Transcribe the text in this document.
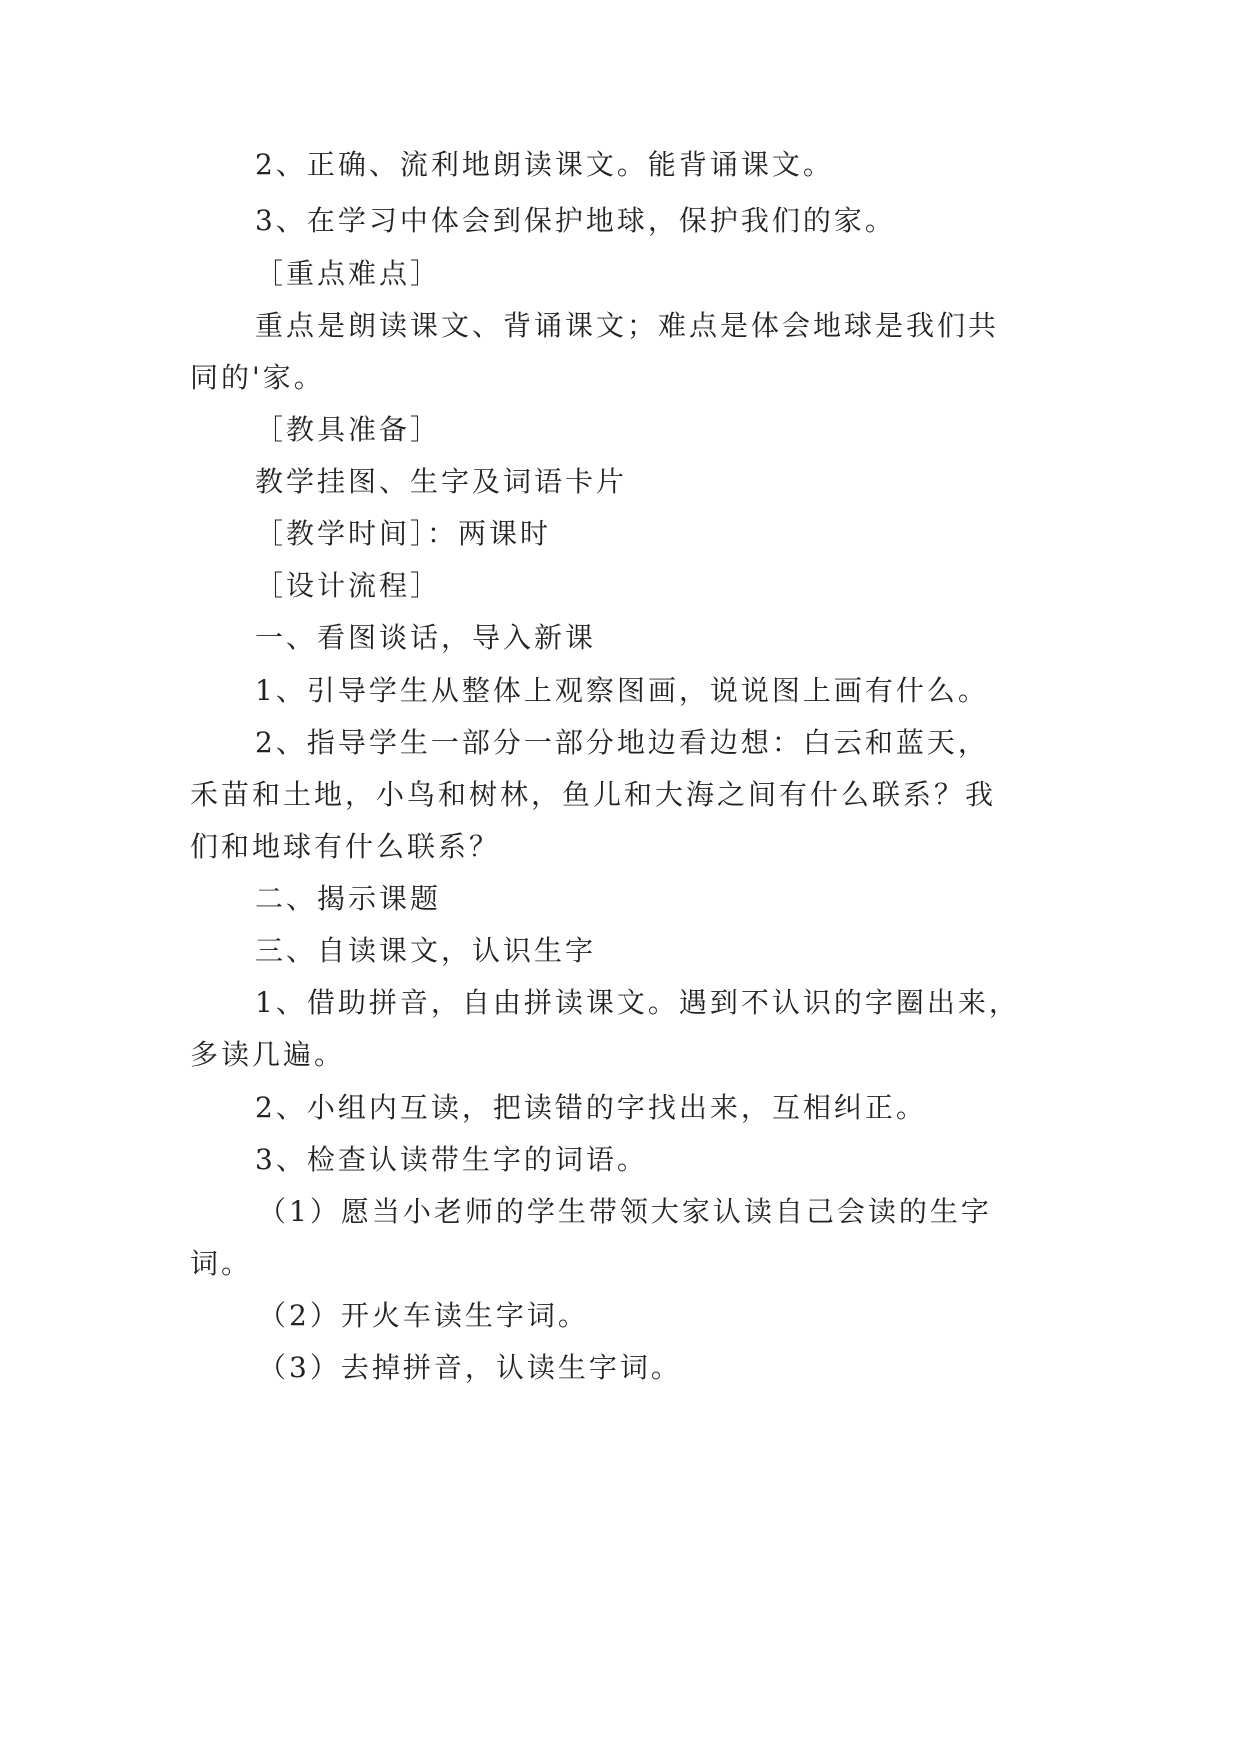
2、正确、流利地朗读课文。能背诵课文。
3、在学习中体会到保护地球，保护我们的家。
［重点难点］
重点是朗读课文、背诵课文；难点是体会地球是我们共
同的'家。
［教具准备］
教学挂图、生字及词语卡片
［教学时间］：两课时
［设计流程］
一、看图谈话，导入新课
1、引导学生从整体上观察图画，说说图上画有什么。
2、指导学生一部分一部分地边看边想：白云和蓝天，
禾苗和土地，小鸟和树林，鱼儿和大海之间有什么联系？我
们和地球有什么联系？
二、揭示课题
三、自读课文，认识生字
1、借助拼音，自由拼读课文。遇到不认识的字圈出来，
多读几遍。
2、小组内互读，把读错的字找出来，互相纠正。
3、检查认读带生字的词语。
（1）愿当小老师的学生带领大家认读自己会读的生字
词。
（2）开火车读生字词。
（3）去掉拼音，认读生字词。
